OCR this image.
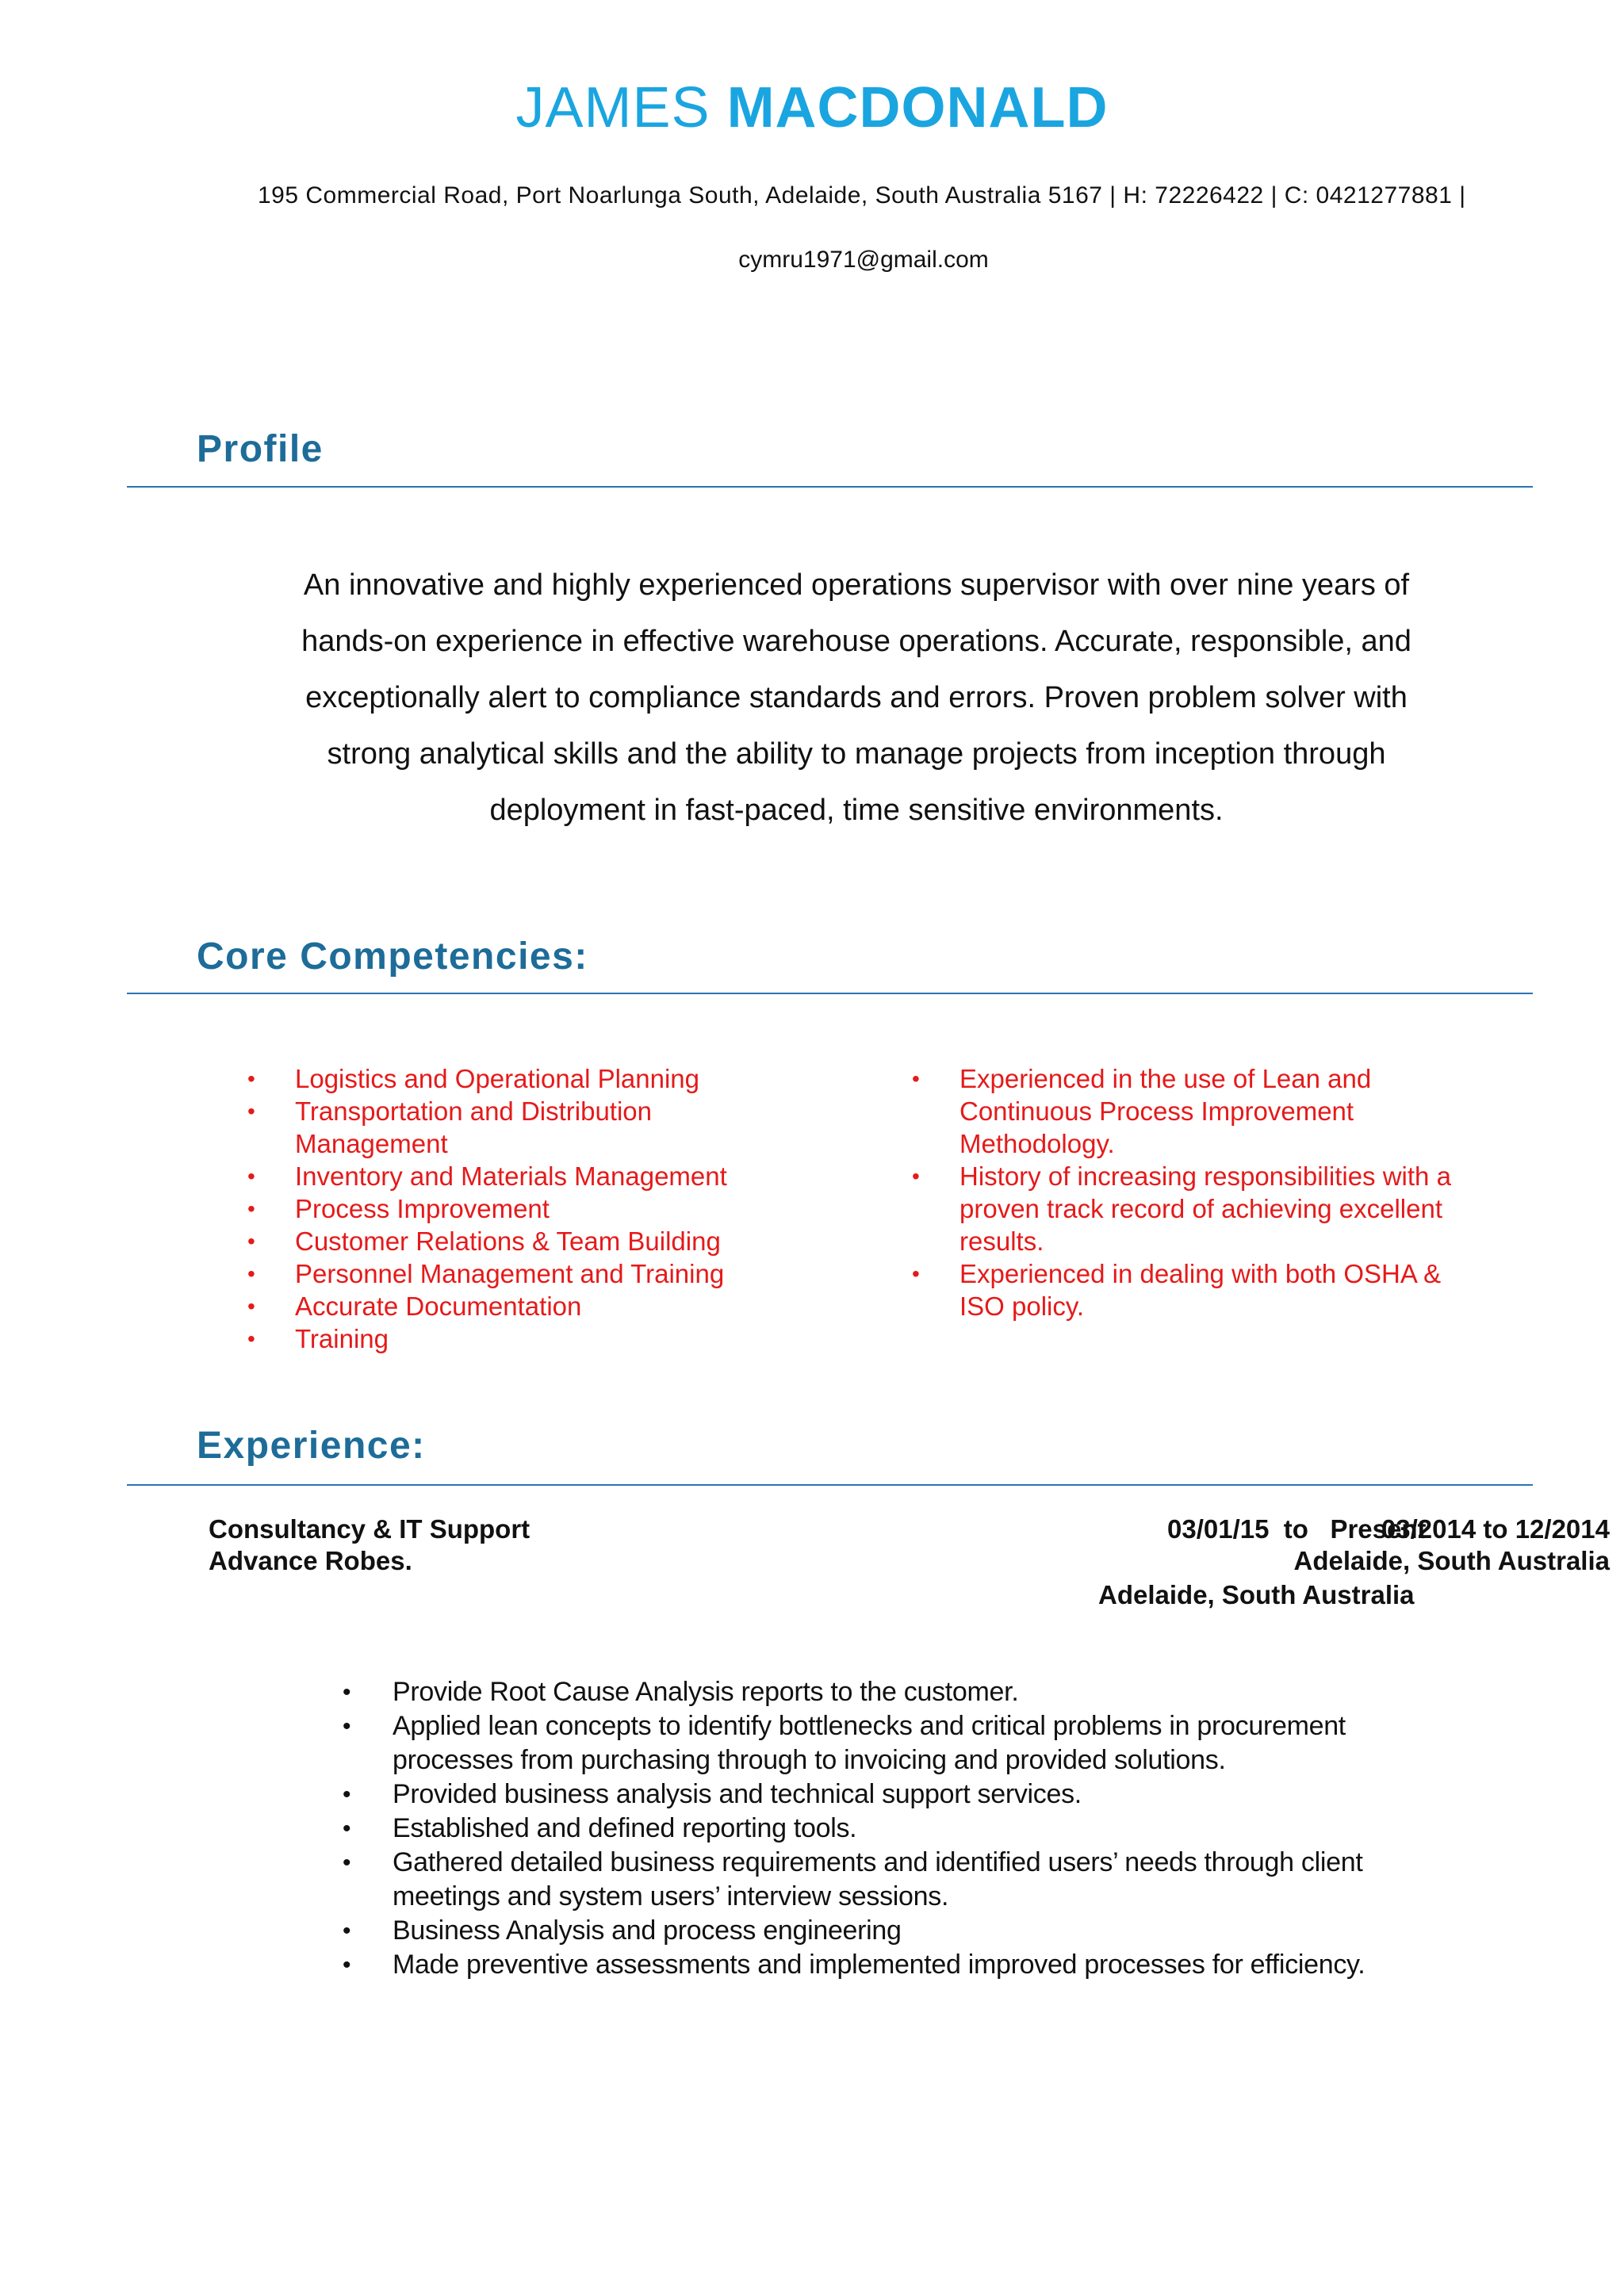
JAMES MACDONALD
195 Commercial Road, Port Noarlunga South, Adelaide, South Australia 5167 | H: 72226422 | C: 0421277881 |
cymru1971@gmail.com
Profile
An innovative and highly experienced operations supervisor with over nine years of hands-on experience in effective warehouse operations. Accurate, responsible, and exceptionally alert to compliance standards and errors. Proven problem solver with strong analytical skills and the ability to manage projects from inception through deployment in fast-paced, time sensitive environments.
Core Competencies:
• Logistics and Operational Planning
• Transportation and Distribution Management
• Inventory and Materials Management
• Process Improvement
• Customer Relations & Team Building
• Personnel Management and Training
• Accurate Documentation
• Training
• Experienced in the use of Lean and Continuous Process Improvement Methodology.
• History of increasing responsibilities with a proven track record of achieving excellent results.
• Experienced in dealing with both OSHA & ISO policy.
Experience:
Consultancy & IT Support
Advance Robes.
03/01/15  to   Present
03/2014 to 12/2014
Adelaide, South Australia
Adelaide, South Australia
• Provide Root Cause Analysis reports to the customer.
• Applied lean concepts to identify bottlenecks and critical problems in procurement processes from purchasing through to invoicing and provided solutions.
• Provided business analysis and technical support services.
• Established and defined reporting tools.
• Gathered detailed business requirements and identified users’ needs through client meetings and system users’ interview sessions.
• Business Analysis and process engineering
• Made preventive assessments and implemented improved processes for efficiency.
